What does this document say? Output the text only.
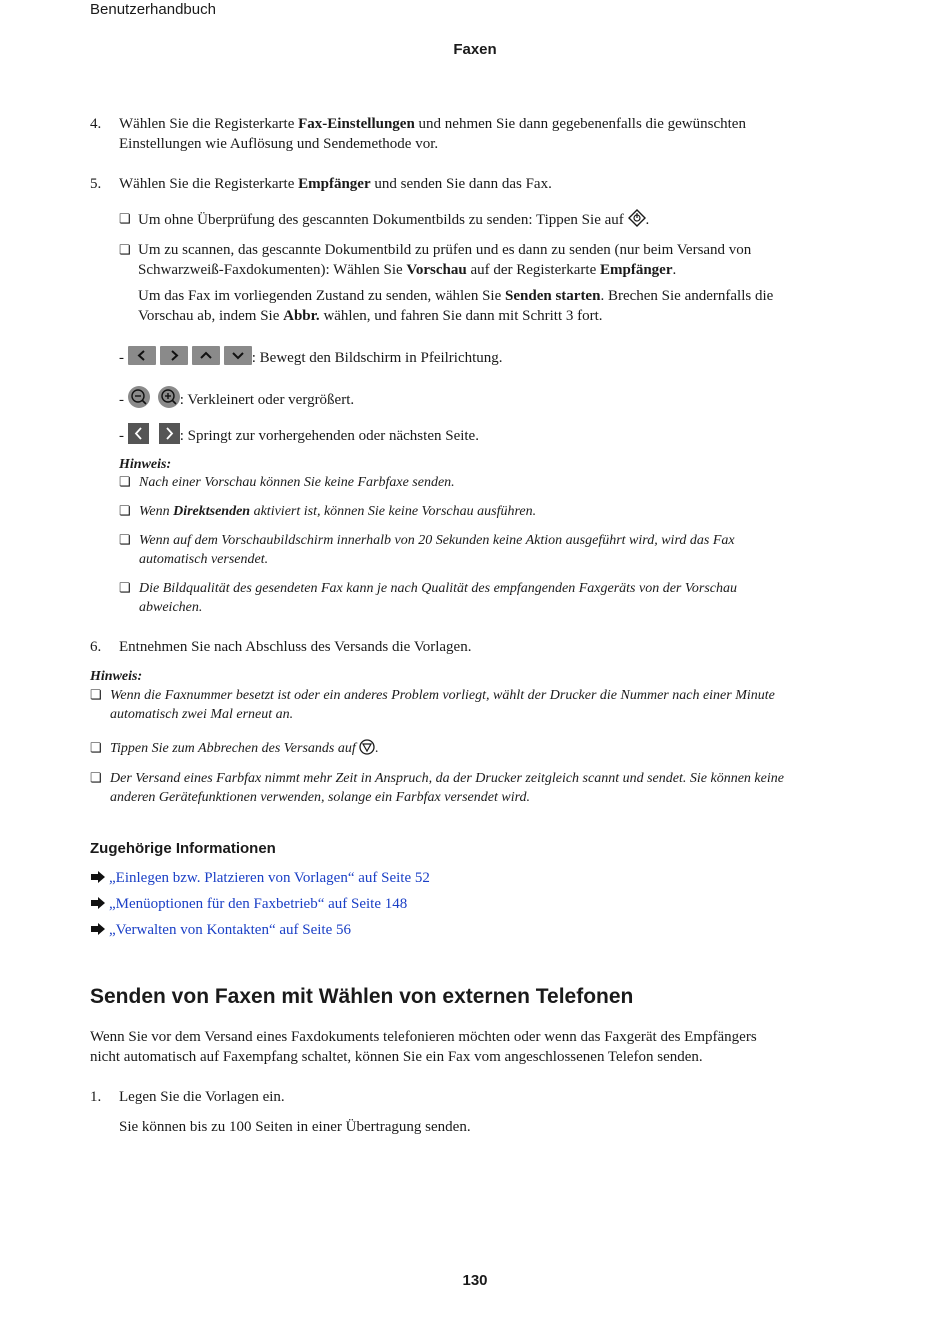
Benutzerhandbuch
Faxen
4. Wählen Sie die Registerkarte Fax-Einstellungen und nehmen Sie dann gegebenenfalls die gewünschten
Einstellungen wie Auflösung und Sendemethode vor.
5. Wählen Sie die Registerkarte Empfänger und senden Sie dann das Fax.
❏ Um ohne Überprüfung des gescannten Dokumentbilds zu senden: Tippen Sie auf .
❏ Um zu scannen, das gescannte Dokumentbild zu prüfen und es dann zu senden (nur beim Versand von
Schwarzweiß-Faxdokumenten): Wählen Sie Vorschau auf der Registerkarte Empfänger.
Um das Fax im vorliegenden Zustand zu senden, wählen Sie Senden starten. Brechen Sie andernfalls die
Vorschau ab, indem Sie Abbr. wählen, und fahren Sie dann mit Schritt 3 fort.
-	: Bewegt den Bildschirm in Pfeilrichtung.
-	: Verkleinert oder vergrößert.
-	: Springt zur vorhergehenden oder nächsten Seite.
Hinweis:
❏ Nach einer Vorschau können Sie keine Farbfaxe senden.
❏ Wenn Direktsenden aktiviert ist, können Sie keine Vorschau ausführen.
❏ Wenn auf dem Vorschaubildschirm innerhalb von 20 Sekunden keine Aktion ausgeführt wird, wird das Fax
automatisch versendet.
❏ Die Bildqualität des gesendeten Fax kann je nach Qualität des empfangenden Faxgeräts von der Vorschau
abweichen.
6. Entnehmen Sie nach Abschluss des Versands die Vorlagen.
Hinweis:
❏ Wenn die Faxnummer besetzt ist oder ein anderes Problem vorliegt, wählt der Drucker die Nummer nach einer Minute
automatisch zwei Mal erneut an.
❏ Tippen Sie zum Abbrechen des Versands auf .
❏ Der Versand eines Farbfax nimmt mehr Zeit in Anspruch, da der Drucker zeitgleich scannt und sendet. Sie können keine
anderen Gerätefunktionen verwenden, solange ein Farbfax versendet wird.
Zugehörige Informationen
„Einlegen bzw. Platzieren von Vorlagen“ auf Seite 52
„Menüoptionen für den Faxbetrieb“ auf Seite 148
„Verwalten von Kontakten“ auf Seite 56
Senden von Faxen mit Wählen von externen Telefonen
Wenn Sie vor dem Versand eines Faxdokuments telefonieren möchten oder wenn das Faxgerät des Empfängers
nicht automatisch auf Faxempfang schaltet, können Sie ein Fax vom angeschlossenen Telefon senden.
1. Legen Sie die Vorlagen ein.
Sie können bis zu 100 Seiten in einer Übertragung senden.
130
